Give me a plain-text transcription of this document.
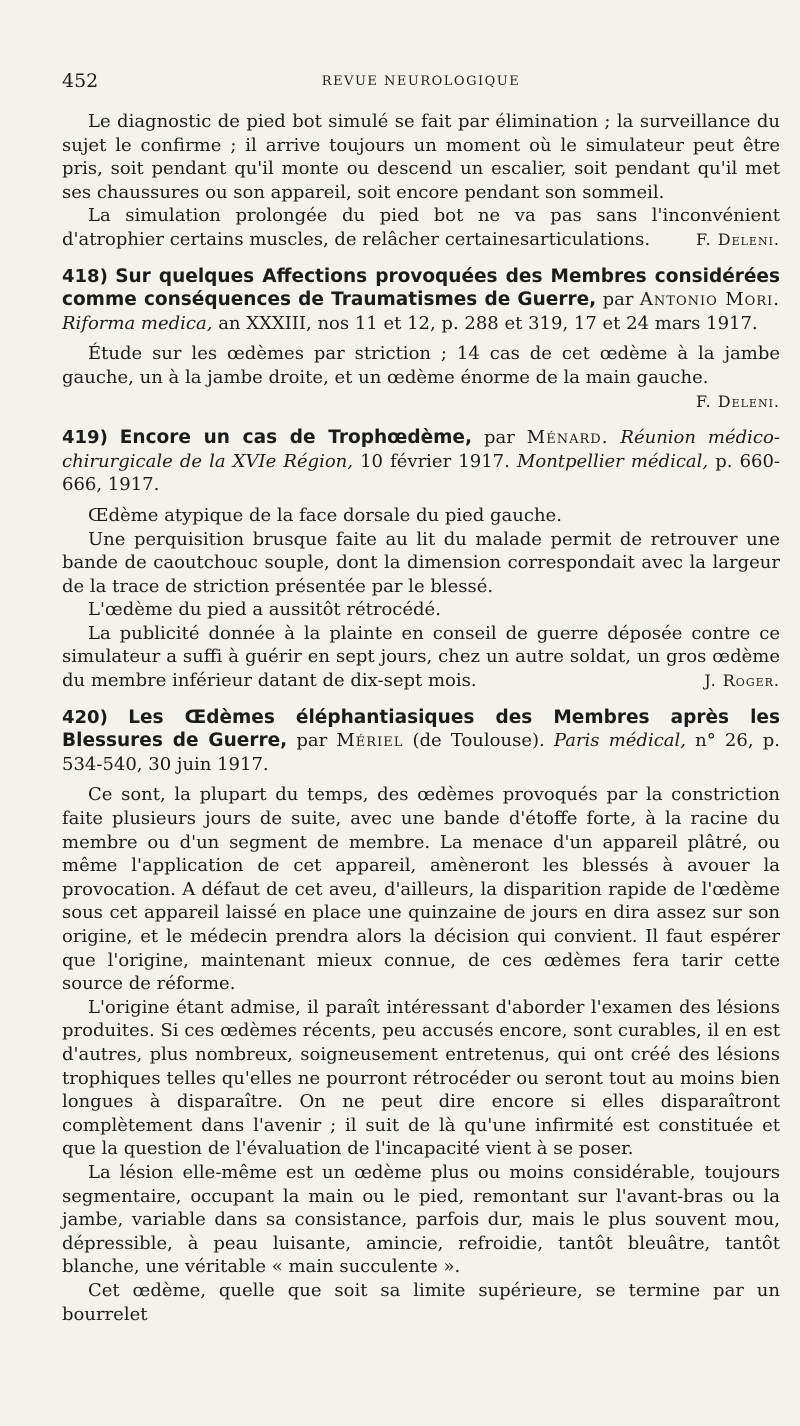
452	REVUE NEUROLOGIQUE

Le diagnostic de pied bot simulé se fait par élimination ; la surveillance du sujet le confirme ; il arrive toujours un moment où le simulateur peut être pris, soit pendant qu'il monte ou descend un escalier, soit pendant qu'il met ses chaussures ou son appareil, soit encore pendant son sommeil.

La simulation prolongée du pied bot ne va pas sans l'inconvénient d'atrophier certains muscles, de relâcher certainesarticulations.	F. Deleni.

418) Sur quelques Affections provoquées des Membres considérées comme conséquences de Traumatismes de Guerre, par Antonio Mori. Riforma medica, an XXXIII, nos 11 et 12, p. 288 et 319, 17 et 24 mars 1917.

Étude sur les œdèmes par striction ; 14 cas de cet œdème à la jambe gauche, un à la jambe droite, et un œdème énorme de la main gauche.

F. Deleni.

419) Encore un cas de Trophœdème, par Ménard. Réunion médico-chirurgicale de la XVIe Région, 10 février 1917. Montpellier médical, p. 660-666, 1917.

Œdème atypique de la face dorsale du pied gauche.

Une perquisition brusque faite au lit du malade permit de retrouver une bande de caoutchouc souple, dont la dimension correspondait avec la largeur de la trace de striction présentée par le blessé.

L'œdème du pied a aussitôt rétrocédé.

La publicité donnée à la plainte en conseil de guerre déposée contre ce simulateur a suffi à guérir en sept jours, chez un autre soldat, un gros œdème du membre inférieur datant de dix-sept mois.	J. Roger.

420) Les Œdèmes éléphantiasiques des Membres après les Blessures de Guerre, par Mériel (de Toulouse). Paris médical, n° 26, p. 534-540, 30 juin 1917.

Ce sont, la plupart du temps, des œdèmes provoqués par la constriction faite plusieurs jours de suite, avec une bande d'étoffe forte, à la racine du membre ou d'un segment de membre. La menace d'un appareil plâtré, ou même l'application de cet appareil, amèneront les blessés à avouer la provocation. A défaut de cet aveu, d'ailleurs, la disparition rapide de l'œdème sous cet appareil laissé en place une quinzaine de jours en dira assez sur son origine, et le médecin prendra alors la décision qui convient. Il faut espérer que l'origine, maintenant mieux connue, de ces œdèmes fera tarir cette source de réforme.

L'origine étant admise, il paraît intéressant d'aborder l'examen des lésions produites. Si ces œdèmes récents, peu accusés encore, sont curables, il en est d'autres, plus nombreux, soigneusement entretenus, qui ont créé des lésions trophiques telles qu'elles ne pourront rétrocéder ou seront tout au moins bien longues à disparaître. On ne peut dire encore si elles disparaîtront complètement dans l'avenir ; il suit de là qu'une infirmité est constituée et que la question de l'évaluation de l'incapacité vient à se poser.

La lésion elle-même est un œdème plus ou moins considérable, toujours segmentaire, occupant la main ou le pied, remontant sur l'avant-bras ou la jambe, variable dans sa consistance, parfois dur, mais le plus souvent mou, dépressible, à peau luisante, amincie, refroidie, tantôt bleuâtre, tantôt blanche, une véritable « main succulente ».

Cet œdème, quelle que soit sa limite supérieure, se termine par un bourrelet
